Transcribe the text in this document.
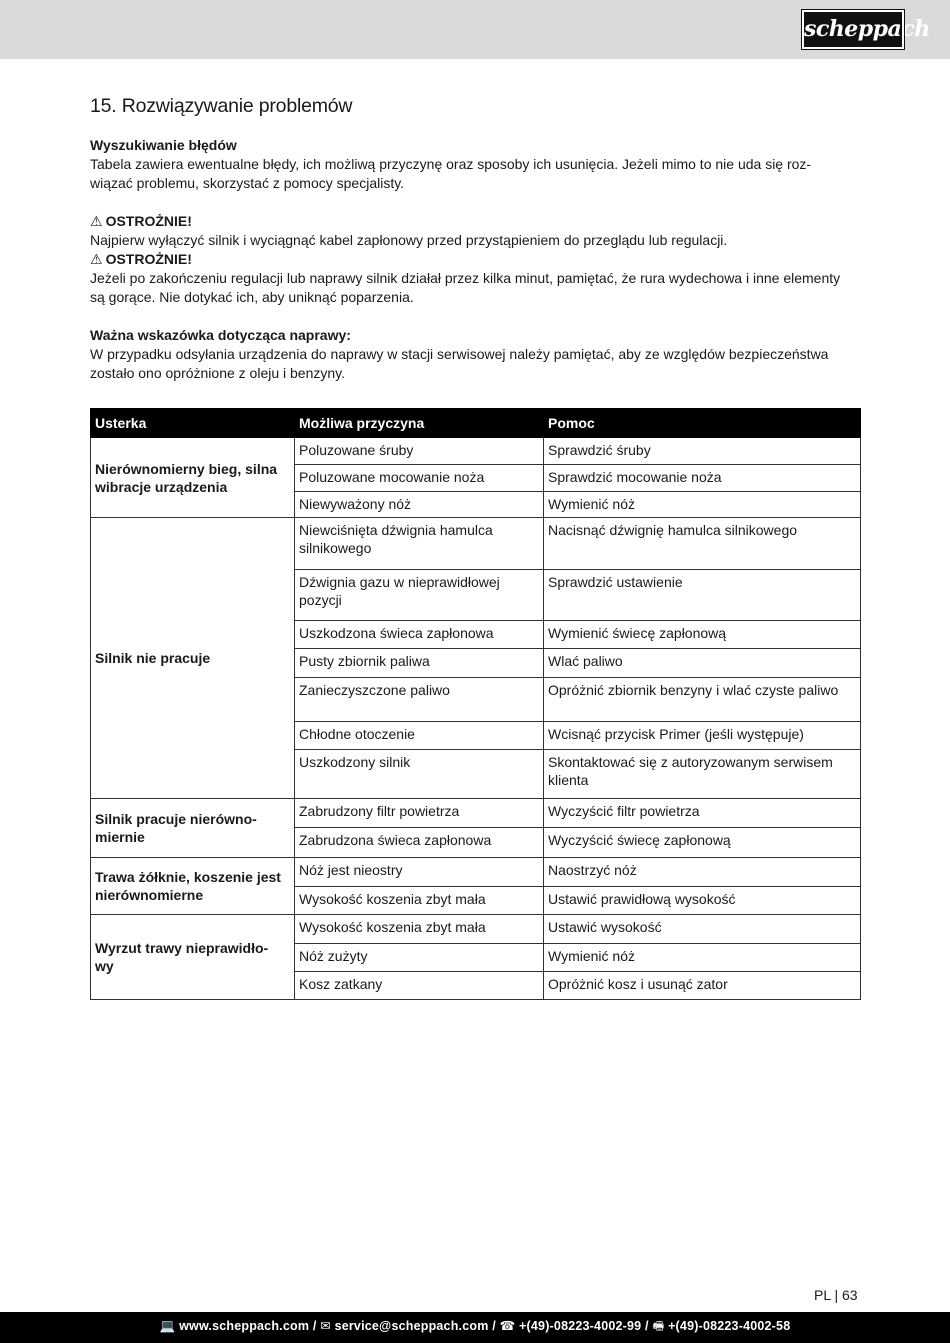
scheppach
15. Rozwiązywanie problemów
Wyszukiwanie błędów
Tabela zawiera ewentualne błędy, ich możliwą przyczynę oraz sposoby ich usunięcia. Jeżeli mimo to nie uda się roz-
wiązać problemu, skorzystać z pomocy specjalisty.
⚠ OSTROŻNIE!
Najpierw wyłączyć silnik i wyciągnąć kabel zapłonowy przed przystąpieniem do przeglądu lub regulacji.
⚠ OSTROŻNIE!
Jeżeli po zakończeniu regulacji lub naprawy silnik działał przez kilka minut, pamiętać, że rura wydechowa i inne elementy
są gorące. Nie dotykać ich, aby uniknąć poparzenia.
Ważna wskazówka dotycząca naprawy:
W przypadku odsyłania urządzenia do naprawy w stacji serwisowej należy pamiętać, aby ze względów bezpieczeństwa
zostało ono opróżnione z oleju i benzyny.
Usterka	Możliwa przyczyna	Pomoc
Nierównomierny bieg, silna wibracje urządzenia	Poluzowane śruby	Sprawdzić śruby
	Poluzowane mocowanie noża	Sprawdzić mocowanie noża
	Niewyważony nóż	Wymienić nóż
Silnik nie pracuje	Niewciśnięta dźwignia hamulca silnikowego	Nacisnąć dźwignię hamulca silnikowego
	Dźwignia gazu w nieprawidłowej pozycji	Sprawdzić ustawienie
	Uszkodzona świeca zapłonowa	Wymienić świecę zapłonową
	Pusty zbiornik paliwa	Wlać paliwo
	Zanieczyszczone paliwo	Opróżnić zbiornik benzyny i wlać czyste paliwo
	Chłodne otoczenie	Wcisnąć przycisk Primer (jeśli występuje)
	Uszkodzony silnik	Skontaktować się z autoryzowanym serwisem klienta
Silnik pracuje nierówno- miernie	Zabrudzony filtr powietrza	Wyczyścić filtr powietrza
	Zabrudzona świeca zapłonowa	Wyczyścić świecę zapłonową
Trawa żółknie, koszenie jest nierównomierne	Nóż jest nieostry	Naostrzyć nóż
	Wysokość koszenia zbyt mała	Ustawić prawidłową wysokość
Wyrzut trawy nieprawidło- wy	Wysokość koszenia zbyt mała	Ustawić wysokość
	Nóż zużyty	Wymienić nóż
	Kosz zatkany	Opróżnić kosz i usunąć zator
PL | 63
💻 www.scheppach.com / ✉ service@scheppach.com / ☎ +(49)-08223-4002-99 / 🖷 +(49)-08223-4002-58
